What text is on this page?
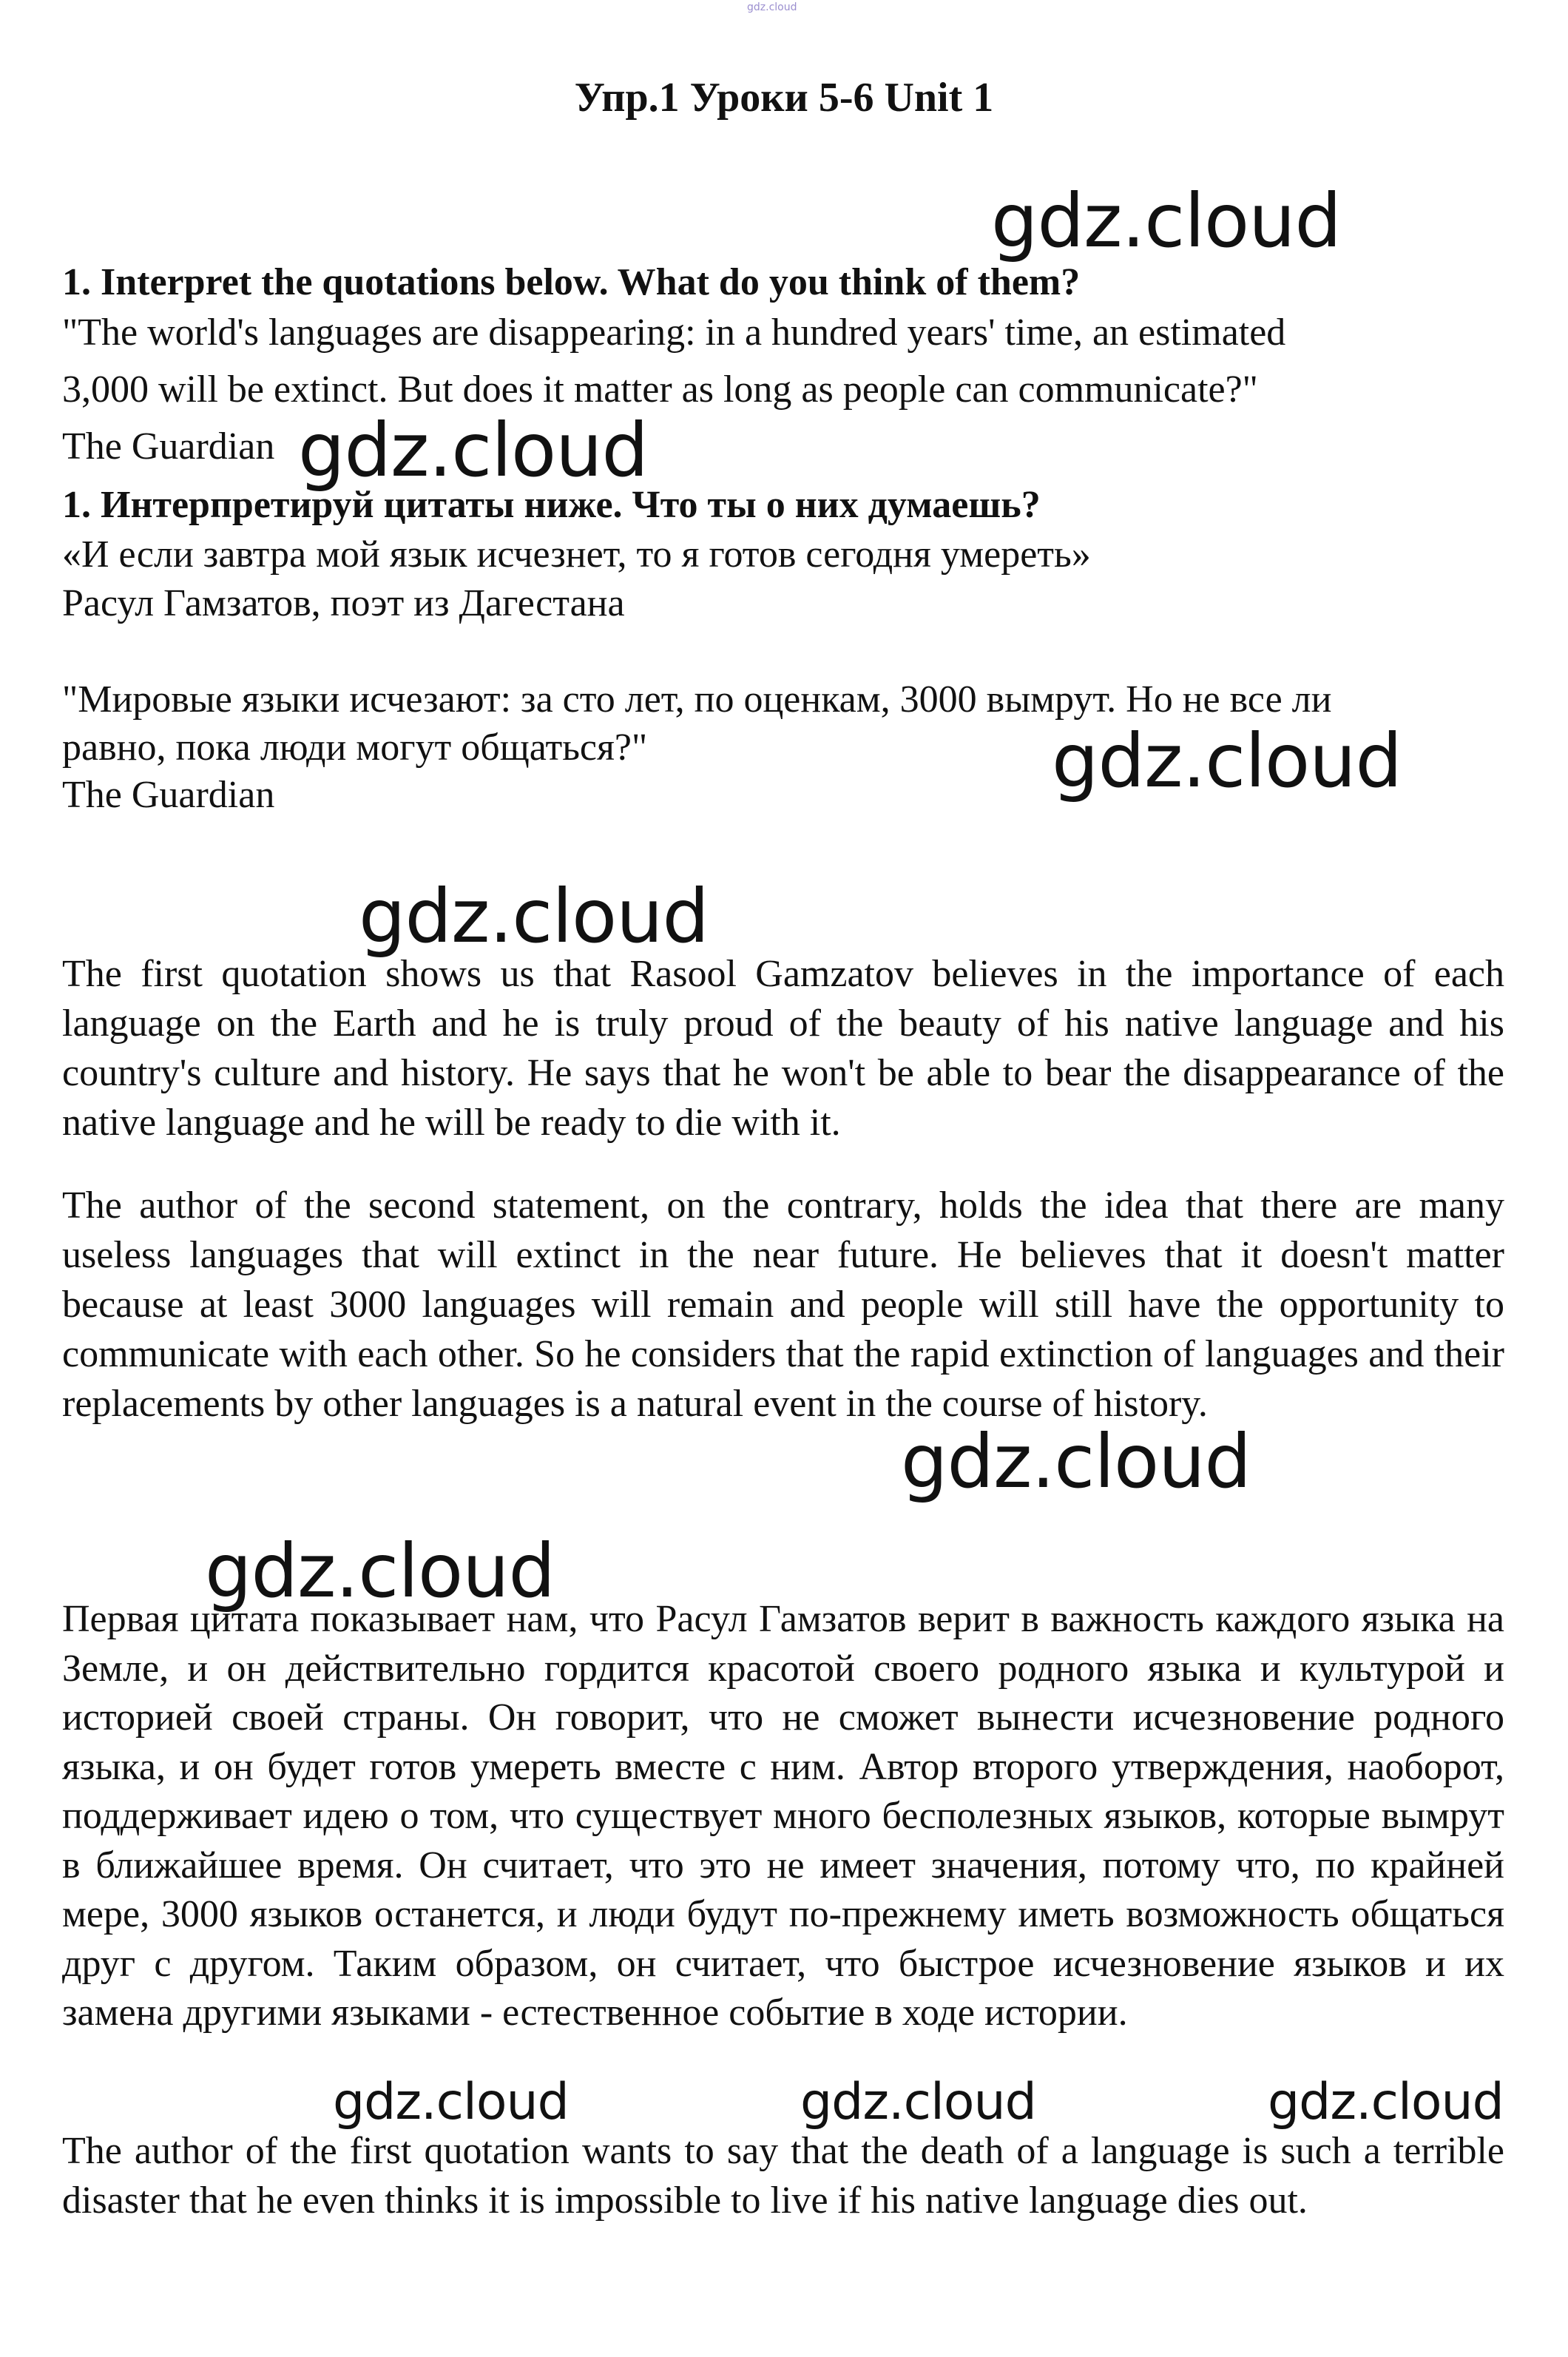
gdz.cloud
Упр.1 Уроки 5-6 Unit 1
1. Interpret the quotations below. What do you think of them?
"The world's languages are disappearing: in a hundred years' time, an estimated
3,000 will be extinct. But does it matter as long as people can communicate?"
The Guardian
1. Интерпретируй цитаты ниже. Что ты о них думаешь?
«И если завтра мой язык исчезнет, то я готов сегодня умереть»
Расул Гамзатов, поэт из Дагестана
"Мировые языки исчезают: за сто лет, по оценкам, 3000 вымрут. Но не все ли
равно, пока люди могут общаться?"
The Guardian
The first quotation shows us that Rasool Gamzatov believes in the importance of each language on the Earth and he is truly proud of the beauty of his native language and his country's culture and history. He says that he won't be able to bear the disappearance of the native language and he will be ready to die with it.
The author of the second statement, on the contrary, holds the idea that there are many useless languages that will extinct in the near future. He believes that it doesn't matter because at least 3000 languages will remain and people will still have the opportunity to communicate with each other. So he considers that the rapid extinction of languages and their replacements by other languages is a natural event in the course of history.
Первая цитата показывает нам, что Расул Гамзатов верит в важность каждого языка на Земле, и он действительно гордится красотой своего родного языка и культурой и историей своей страны. Он говорит, что не сможет вынести исчезновение родного языка, и он будет готов умереть вместе с ним. Автор второго утверждения, наоборот, поддерживает идею о том, что существует много бесполезных языков, которые вымрут в ближайшее время. Он считает, что это не имеет значения, потому что, по крайней мере, 3000 языков останется, и люди будут по-прежнему иметь возможность общаться друг с другом. Таким образом, он считает, что быстрое исчезновение языков и их замена другими языками - естественное событие в ходе истории.
The author of the first quotation wants to say that the death of a language is such a terrible disaster that he even thinks it is impossible to live if his native language dies out.
gdz.cloud
gdz.cloud
gdz.cloud
gdz.cloud
gdz.cloud
gdz.cloud
gdz.cloud	gdz.cloud	gdz.cloud
